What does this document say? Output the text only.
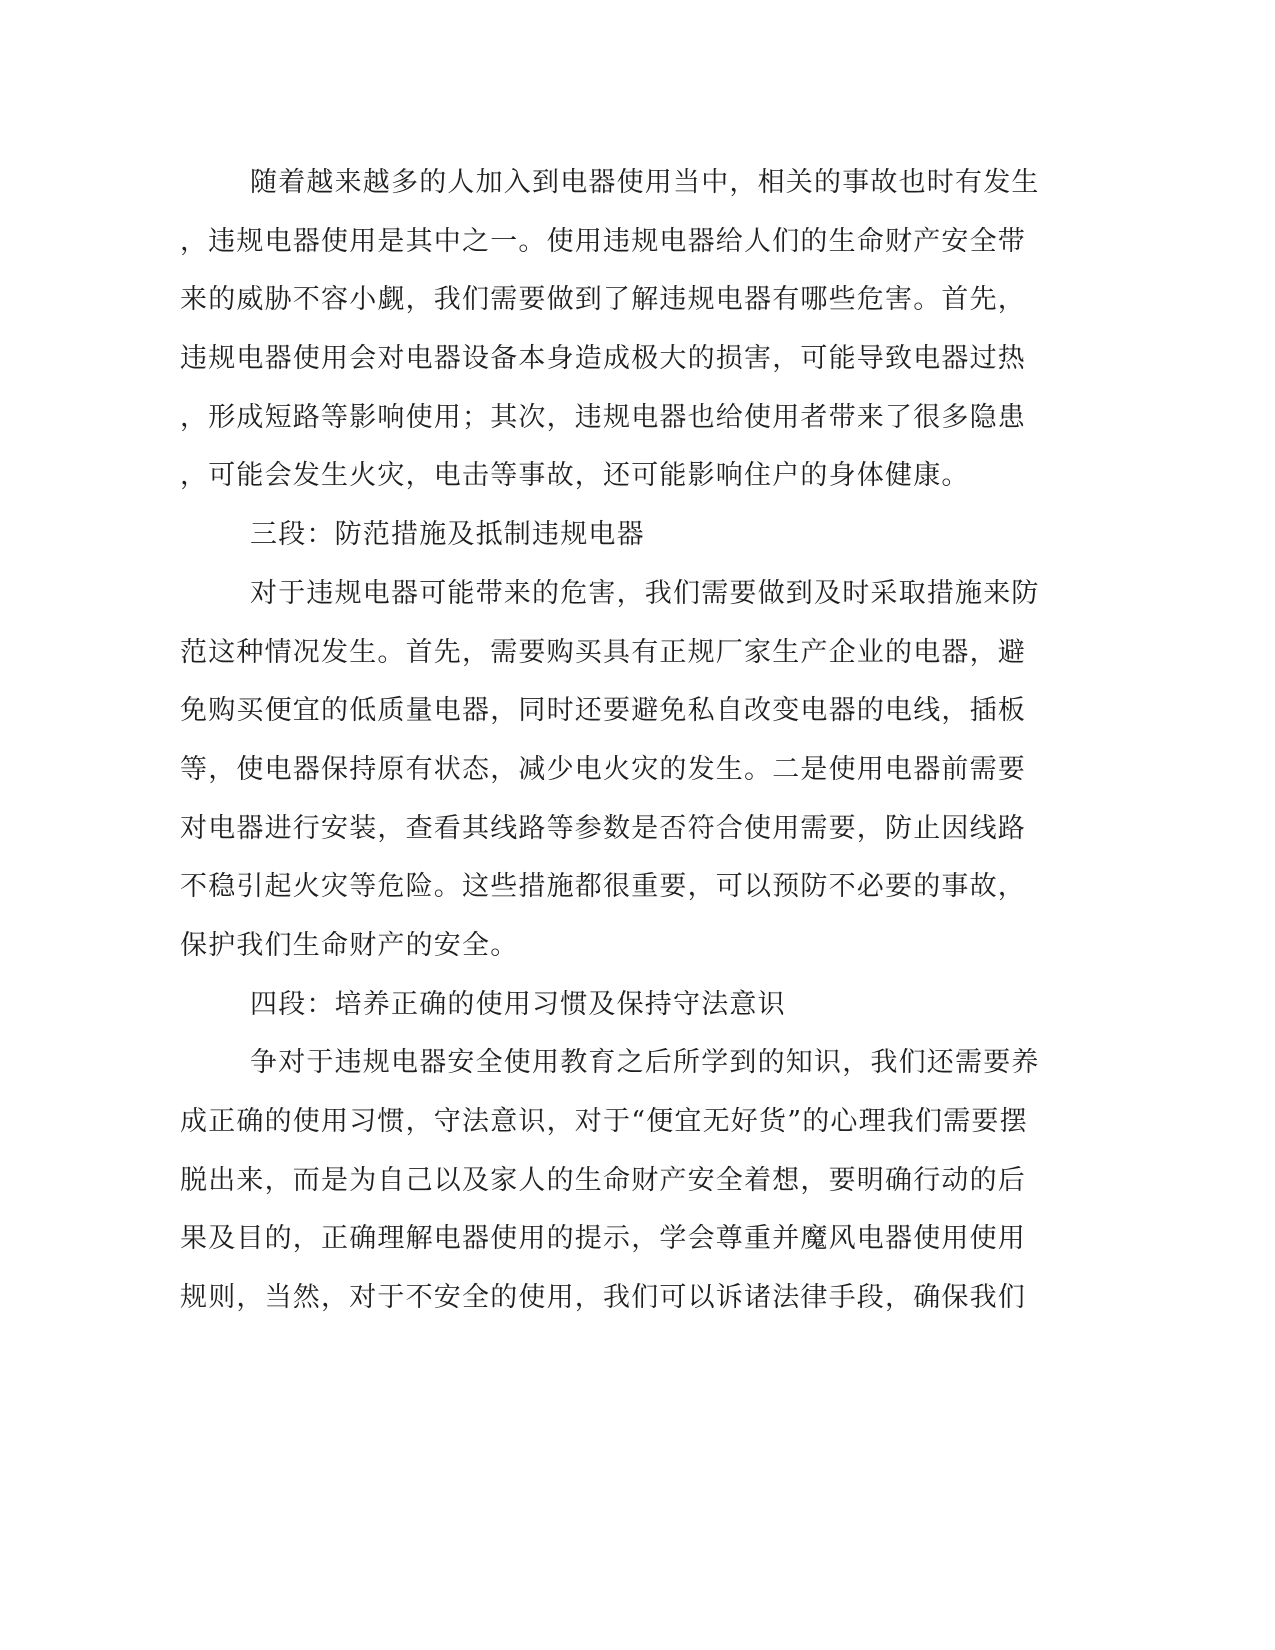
随着越来越多的人加入到电器使用当中，相关的事故也时有发生
，违规电器使用是其中之一。使用违规电器给人们的生命财产安全带
来的威胁不容小觑，我们需要做到了解违规电器有哪些危害。首先，
违规电器使用会对电器设备本身造成极大的损害，可能导致电器过热
，形成短路等影响使用；其次，违规电器也给使用者带来了很多隐患
，可能会发生火灾，电击等事故，还可能影响住户的身体健康。
三段：防范措施及抵制违规电器
对于违规电器可能带来的危害，我们需要做到及时采取措施来防
范这种情况发生。首先，需要购买具有正规厂家生产企业的电器，避
免购买便宜的低质量电器，同时还要避免私自改变电器的电线，插板
等，使电器保持原有状态，减少电火灾的发生。二是使用电器前需要
对电器进行安装，查看其线路等参数是否符合使用需要，防止因线路
不稳引起火灾等危险。这些措施都很重要，可以预防不必要的事故，
保护我们生命财产的安全。
四段：培养正确的使用习惯及保持守法意识
争对于违规电器安全使用教育之后所学到的知识，我们还需要养
成正确的使用习惯，守法意识，对于“便宜无好货”的心理我们需要摆
脱出来，而是为自己以及家人的生命财产安全着想，要明确行动的后
果及目的，正确理解电器使用的提示，学会尊重并魔风电器使用使用
规则，当然，对于不安全的使用，我们可以诉诸法律手段，确保我们
